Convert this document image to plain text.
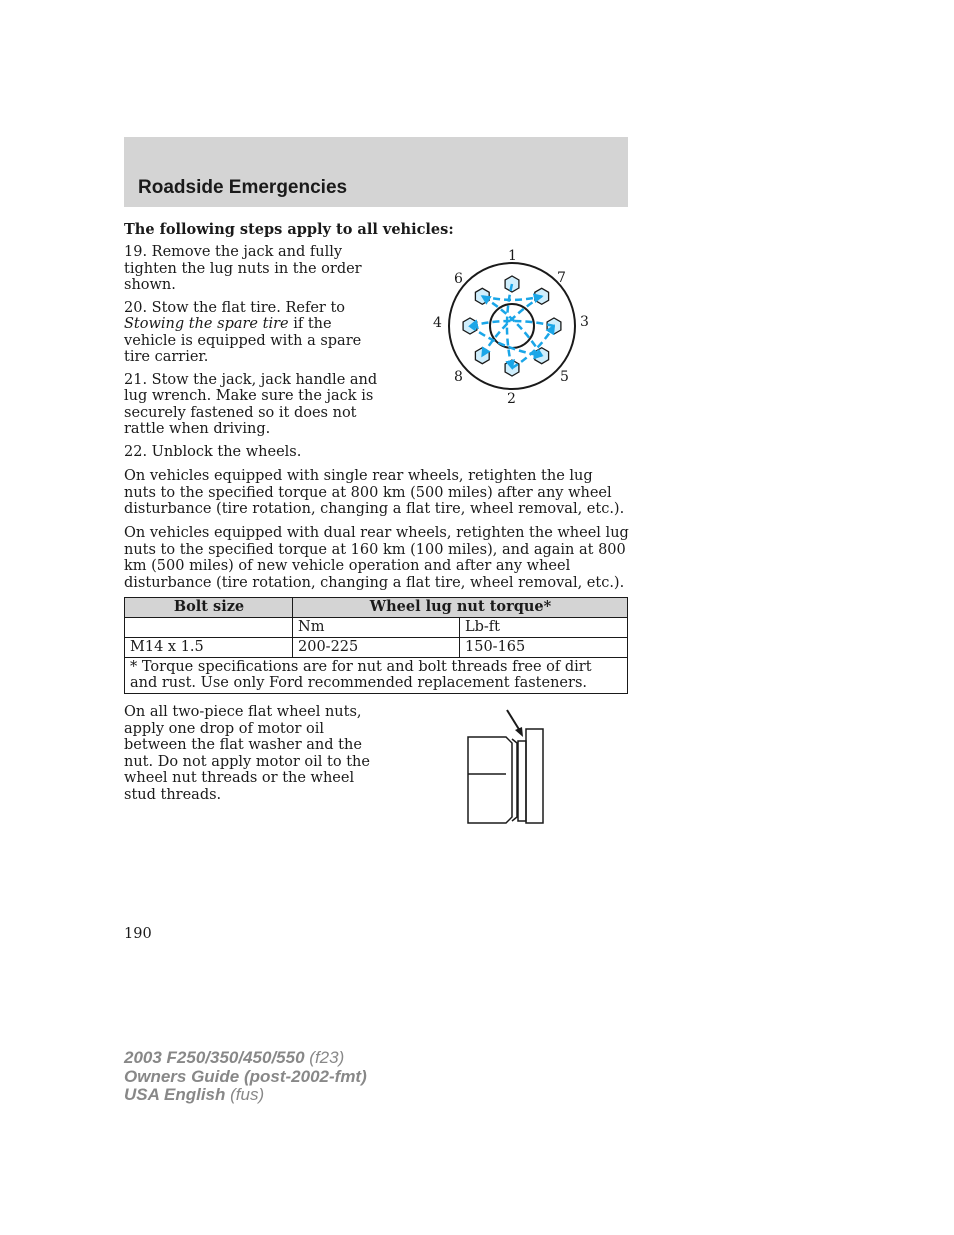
Roadside Emergencies
The following steps apply to all vehicles:

19. Remove the jack and fully tighten the lug nuts in the order shown.

20. Stow the flat tire. Refer to Stowing the spare tire if the vehicle is equipped with a spare tire carrier.

21. Stow the jack, jack handle and lug wrench. Make sure the jack is securely fastened so it does not rattle when driving.

22. Unblock the wheels.

1
2
3
4
5
6	7
8

On vehicles equipped with single rear wheels, retighten the lug nuts to the specified torque at 800 km (500 miles) after any wheel disturbance (tire rotation, changing a flat tire, wheel removal, etc.).

On vehicles equipped with dual rear wheels, retighten the wheel lug nuts to the specified torque at 160 km (100 miles), and again at 800 km (500 miles) of new vehicle operation and after any wheel disturbance (tire rotation, changing a flat tire, wheel removal, etc.).

Bolt size	Wheel lug nut torque*	
	Nm	Lb-ft
M14 x 1.5	200-225	150-165
* Torque specifications are for nut and bolt threads free of dirt and rust. Use only Ford recommended replacement fasteners.		

On all two-piece flat wheel nuts, apply one drop of motor oil between the flat washer and the nut. Do not apply motor oil to the wheel nut threads or the wheel stud threads.

190
2003 F250/350/450/550 (f23)
Owners Guide (post-2002-fmt)
USA English (fus)
